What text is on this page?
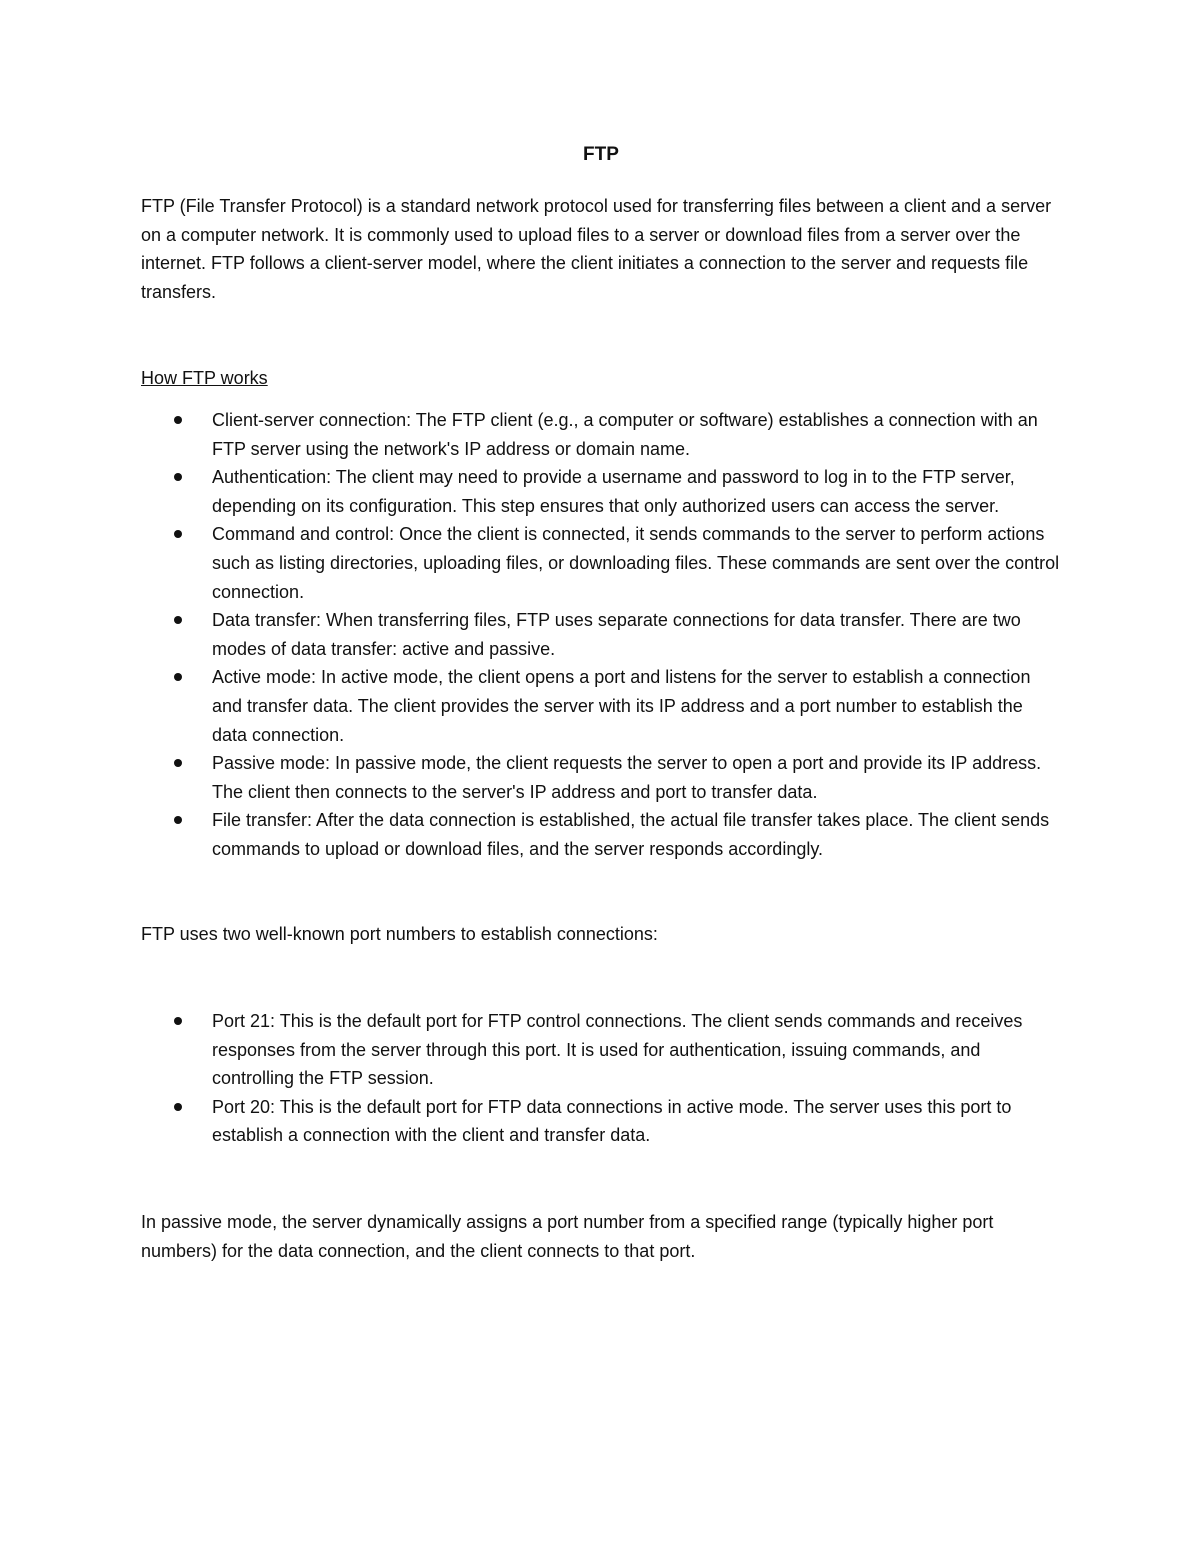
FTP

FTP (File Transfer Protocol) is a standard network protocol used for transferring files between a client and a server on a computer network. It is commonly used to upload files to a server or download files from a server over the internet. FTP follows a client-server model, where the client initiates a connection to the server and requests file transfers.

How FTP works

Client-server connection: The FTP client (e.g., a computer or software) establishes a connection with an FTP server using the network's IP address or domain name.
Authentication: The client may need to provide a username and password to log in to the FTP server, depending on its configuration. This step ensures that only authorized users can access the server.
Command and control: Once the client is connected, it sends commands to the server to perform actions such as listing directories, uploading files, or downloading files. These commands are sent over the control connection.
Data transfer: When transferring files, FTP uses separate connections for data transfer. There are two modes of data transfer: active and passive.
Active mode: In active mode, the client opens a port and listens for the server to establish a connection and transfer data. The client provides the server with its IP address and a port number to establish the data connection.
Passive mode: In passive mode, the client requests the server to open a port and provide its IP address. The client then connects to the server's IP address and port to transfer data.
File transfer: After the data connection is established, the actual file transfer takes place. The client sends commands to upload or download files, and the server responds accordingly.

FTP uses two well-known port numbers to establish connections:

Port 21: This is the default port for FTP control connections. The client sends commands and receives responses from the server through this port. It is used for authentication, issuing commands, and controlling the FTP session.
Port 20: This is the default port for FTP data connections in active mode. The server uses this port to establish a connection with the client and transfer data.

In passive mode, the server dynamically assigns a port number from a specified range (typically higher port numbers) for the data connection, and the client connects to that port.
